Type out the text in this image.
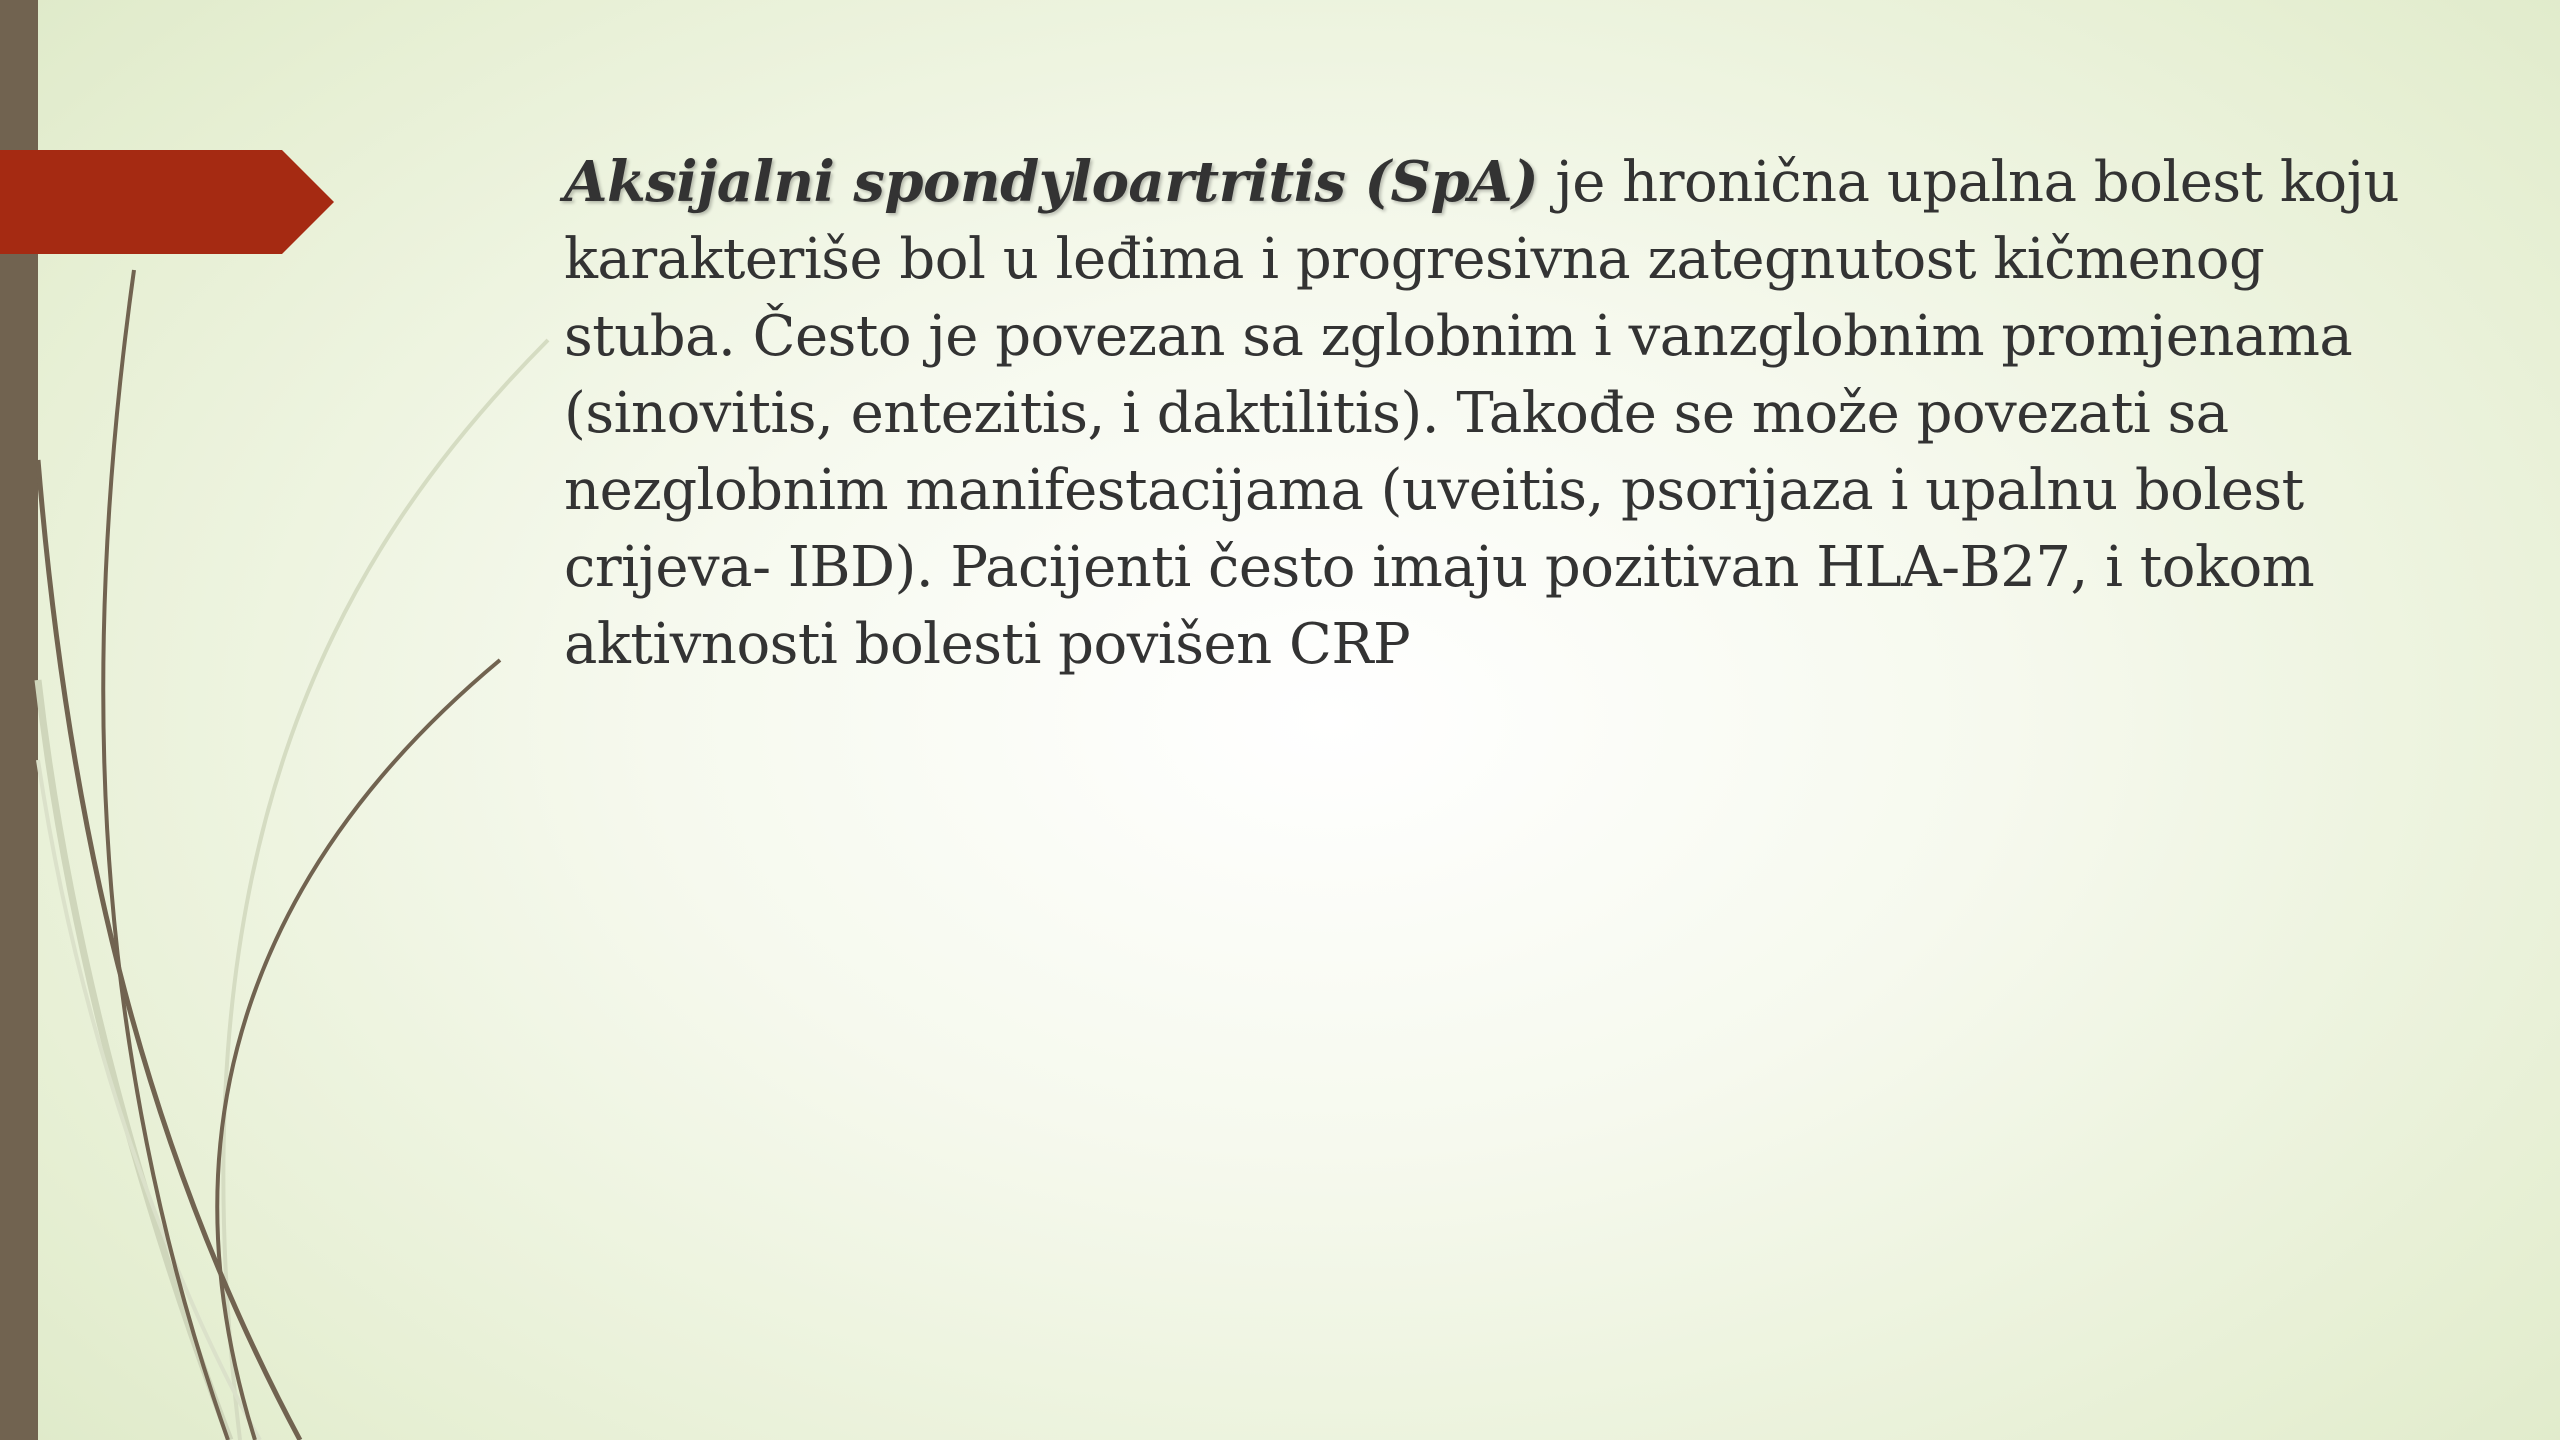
Aksijalni spondyloartritis (SpA) je hronična upalna bolest koju karakteriše bol u leđima i progresivna zategnutost kičmenog stuba. Često je povezan sa zglobnim i vanzglobnim promjenama (sinovitis, entezitis, i daktilitis). Takođe se može povezati sa nezglobnim manifestacijama (uveitis, psorijaza i upalnu bolest crijeva- IBD). Pacijenti često imaju pozitivan HLA-B27, i tokom aktivnosti bolesti povišen CRP
